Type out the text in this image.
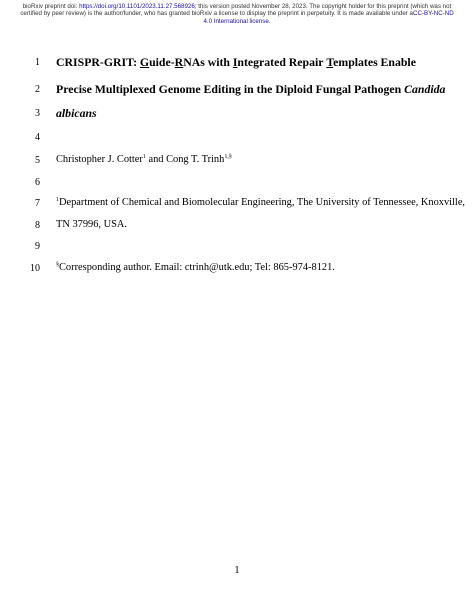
bioRxiv preprint doi: https://doi.org/10.1101/2023.11.27.568926; this version posted November 28, 2023. The copyright holder for this preprint (which was not certified by peer review) is the author/funder, who has granted bioRxiv a license to display the preprint in perpetuity. It is made available under aCC-BY-NC-ND 4.0 International license.
1
2
3
4
5
6
7
8
9
10
CRISPR-GRIT: Guide-RNAs with Integrated Repair Templates Enable
Precise Multiplexed Genome Editing in the Diploid Fungal Pathogen Candida
albicans
Christopher J. Cotter$^1$ and Cong T. Trinh$^{1,\S}$
$^1$Department of Chemical and Biomolecular Engineering, The University of Tennessee, Knoxville,
TN 37996, USA.
§Corresponding author. Email: ctrinh@utk.edu; Tel: 865-974-8121.
1
